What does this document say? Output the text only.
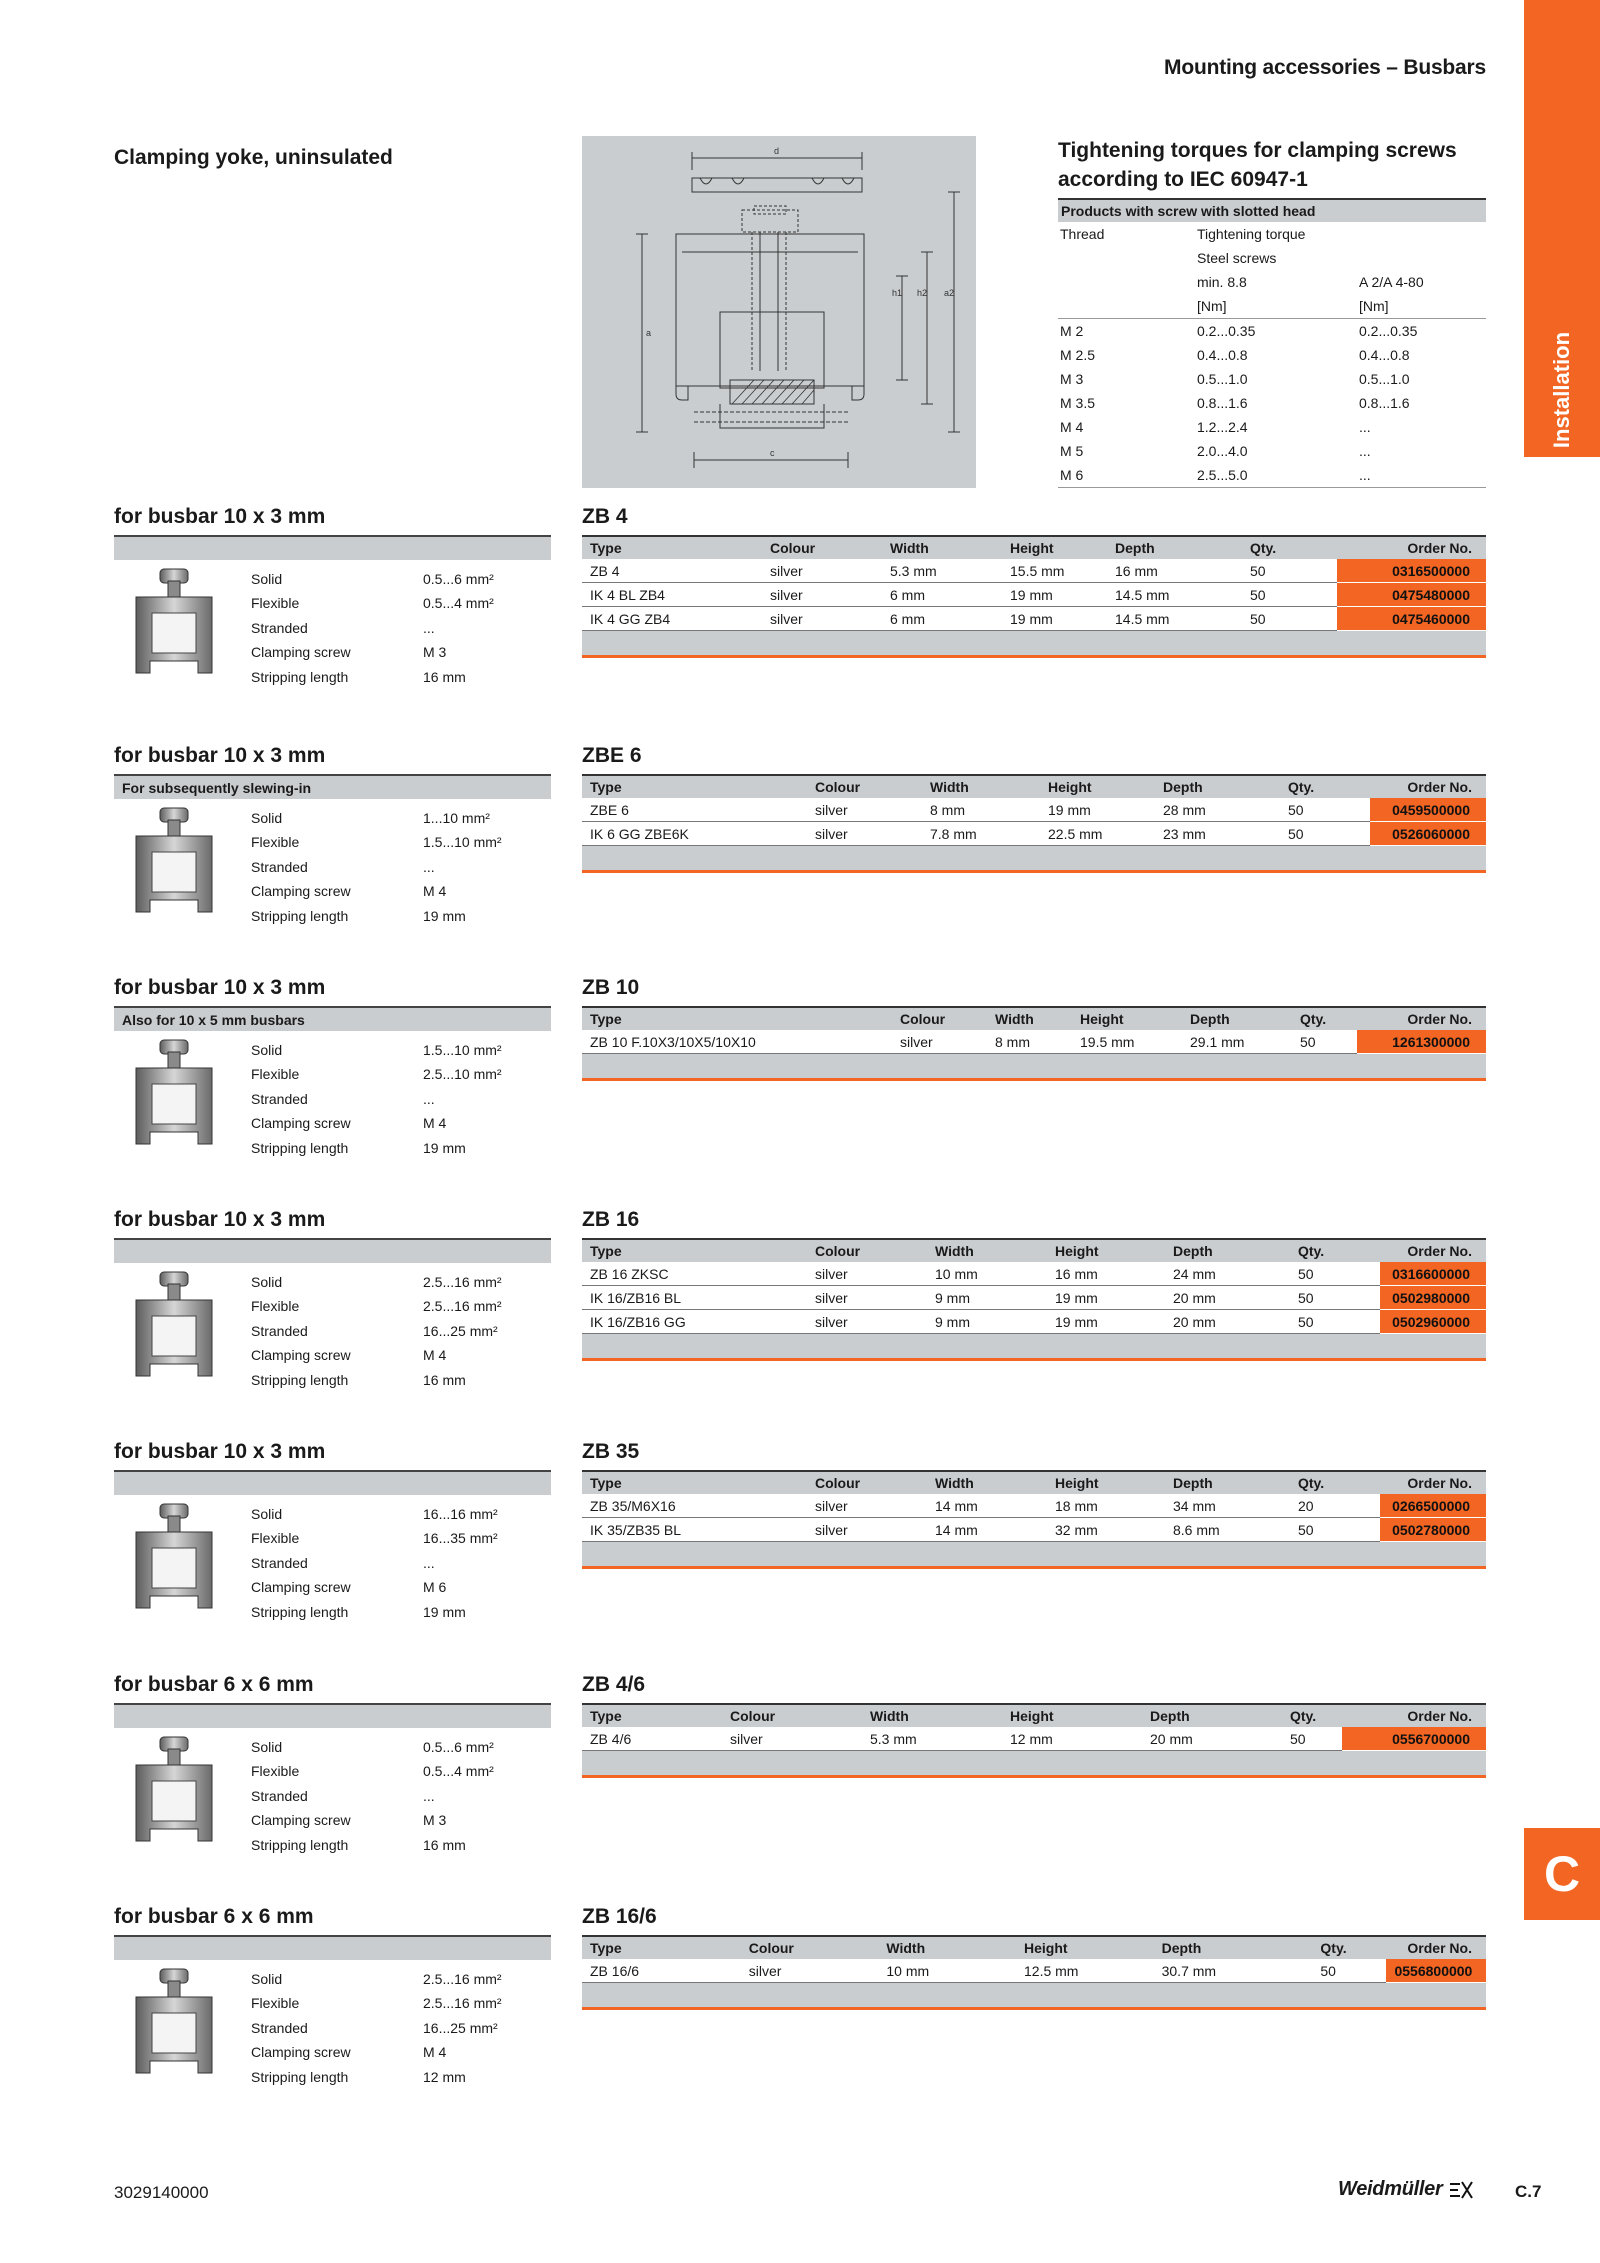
Mounting accessories – Busbars
Installation
C
Clamping yoke, uninsulated	d
a
h1 h2 a2
c
Tightening torques for clamping screws
according to IEC 60947-1
Products with screw with slotted head
Thread	Tightening torque
Steel screws
min. 8.8	A 2/A 4-80
[Nm]	[Nm]
M 2	0.2...0.35	0.2...0.35
M 2.5	0.4...0.8	0.4...0.8
M 3	0.5...1.0	0.5...1.0
M 3.5	0.8...1.6	0.8...1.6
M 4	1.2...2.4	...
M 5	2.0...4.0	...
M 6	2.5...5.0	...
for busbar 10 x 3 mm
Solid	0.5...6 mm²
Flexible	0.5...4 mm²
Stranded	...
Clamping screw	M 3
Stripping length	16 mm
ZB 4
Type	Colour	Width	Height	Depth	Qty.	Order No.
ZB 4	silver	5.3 mm	15.5 mm	16 mm	50	0316500000
IK 4 BL ZB4	silver	6 mm	19 mm	14.5 mm	50	0475480000
IK 4 GG ZB4	silver	6 mm	19 mm	14.5 mm	50	0475460000
for busbar 10 x 3 mm
For subsequently slewing-in
Solid	1...10 mm²
Flexible	1.5...10 mm²
Stranded	...
Clamping screw	M 4
Stripping length	19 mm
ZBE 6
Type	Colour	Width	Height	Depth	Qty.	Order No.
ZBE 6	silver	8 mm	19 mm	28 mm	50	0459500000
IK 6 GG ZBE6K	silver	7.8 mm	22.5 mm	23 mm	50	0526060000
for busbar 10 x 3 mm
Also for 10 x 5 mm busbars
Solid	1.5...10 mm²
Flexible	2.5...10 mm²
Stranded	...
Clamping screw	M 4
Stripping length	19 mm
ZB 10
Type	Colour	Width	Height	Depth	Qty.	Order No.
ZB 10 F.10X3/10X5/10X10	silver	8 mm	19.5 mm	29.1 mm	50	1261300000
for busbar 10 x 3 mm
Solid	2.5...16 mm²
Flexible	2.5...16 mm²
Stranded	16...25 mm²
Clamping screw	M 4
Stripping length	16 mm
ZB 16
Type	Colour	Width	Height	Depth	Qty.	Order No.
ZB 16 ZKSC	silver	10 mm	16 mm	24 mm	50	0316600000
IK 16/ZB16 BL	silver	9 mm	19 mm	20 mm	50	0502980000
IK 16/ZB16 GG	silver	9 mm	19 mm	20 mm	50	0502960000
for busbar 10 x 3 mm
Solid	16...16 mm²
Flexible	16...35 mm²
Stranded	...
Clamping screw	M 6
Stripping length	19 mm
ZB 35
Type	Colour	Width	Height	Depth	Qty.	Order No.
ZB 35/M6X16	silver	14 mm	18 mm	34 mm	20	0266500000
IK 35/ZB35 BL	silver	14 mm	32 mm	8.6 mm	50	0502780000
for busbar 6 x 6 mm
Solid	0.5...6 mm²
Flexible	0.5...4 mm²
Stranded	...
Clamping screw	M 3
Stripping length	16 mm
ZB 4/6
Type	Colour	Width	Height	Depth	Qty.	Order No.
ZB 4/6	silver	5.3 mm	12 mm	20 mm	50	0556700000
for busbar 6 x 6 mm
Solid	2.5...16 mm²
Flexible	2.5...16 mm²
Stranded	16...25 mm²
Clamping screw	M 4
Stripping length	12 mm
ZB 16/6
Type	Colour	Width	Height	Depth	Qty.	Order No.
ZB 16/6	silver	10 mm	12.5 mm	30.7 mm	50	0556800000
3029140000	Weidmüller	C.7
